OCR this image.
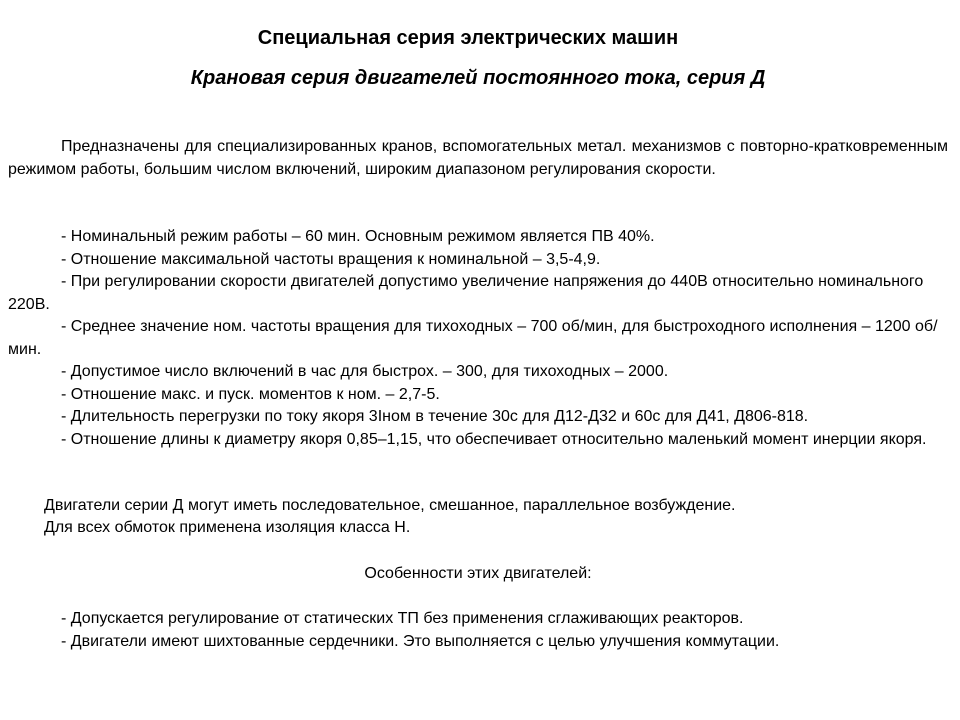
Специальная серия электрических машин
Крановая серия двигателей постоянного тока, серия Д

Предназначены для специализированных кранов, вспомогательных метал. механизмов с повторно-кратковременным режимом работы, большим числом включений, широким диапазоном регулирования скорости.

- Номинальный режим работы – 60 мин. Основным режимом является ПВ 40%.
- Отношение максимальной частоты вращения к номинальной – 3,5-4,9.
- При регулировании скорости двигателей допустимо увеличение напряжения до 440В относительно номинального 220В.
- Среднее значение ном. частоты вращения для тихоходных – 700 об/мин, для быстроходного исполнения – 1200 об/мин.
- Допустимое число включений в час для быстрох. – 300, для тихоходных – 2000.
- Отношение макс. и пуск. моментов к ном. – 2,7-5.
- Длительность перегрузки по току якоря 3Iном в течение 30с для Д12-Д32 и 60с для Д41, Д806-818.
- Отношение длины к диаметру якоря 0,85–1,15, что обеспечивает относительно маленький момент инерции якоря.

Двигатели серии Д могут иметь последовательное, смешанное, параллельное возбуждение.

Для всех обмоток применена изоляция класса Н.

Особенности этих двигателей:

- Допускается регулирование от статических ТП без применения сглаживающих реакторов.
- Двигатели имеют шихтованные сердечники. Это выполняется с целью улучшения коммутации.
